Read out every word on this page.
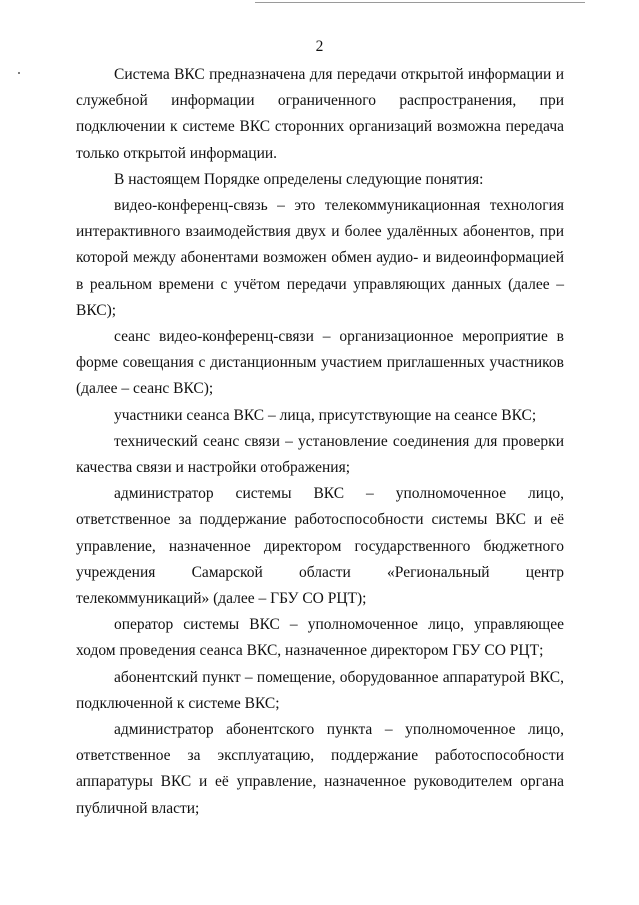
2

Система ВКС предназначена для передачи открытой информации и служебной информации ограниченного распространения, при подключении к системе ВКС сторонних организаций возможна передача только открытой информации.

В настоящем Порядке определены следующие понятия:

видео-конференц-связь – это телекоммуникационная технология интерактивного взаимодействия двух и более удалённых абонентов, при которой между абонентами возможен обмен аудио- и видеоинформацией в реальном времени с учётом передачи управляющих данных (далее – ВКС);

сеанс видео-конференц-связи – организационное мероприятие в форме совещания с дистанционным участием приглашенных участников (далее – сеанс ВКС);

участники сеанса ВКС – лица, присутствующие на сеансе ВКС;

технический сеанс связи – установление соединения для проверки качества связи и настройки отображения;

администратор системы ВКС – уполномоченное лицо, ответственное за поддержание работоспособности системы ВКС и её управление, назначенное директором государственного бюджетного учреждения Самарской области «Региональный центр телекоммуникаций» (далее – ГБУ СО РЦТ);

оператор системы ВКС – уполномоченное лицо, управляющее ходом проведения сеанса ВКС, назначенное директором ГБУ СО РЦТ;

абонентский пункт – помещение, оборудованное аппаратурой ВКС, подключенной к системе ВКС;

администратор абонентского пункта – уполномоченное лицо, ответственное за эксплуатацию, поддержание работоспособности аппаратуры ВКС и её управление, назначенное руководителем органа публичной власти;
